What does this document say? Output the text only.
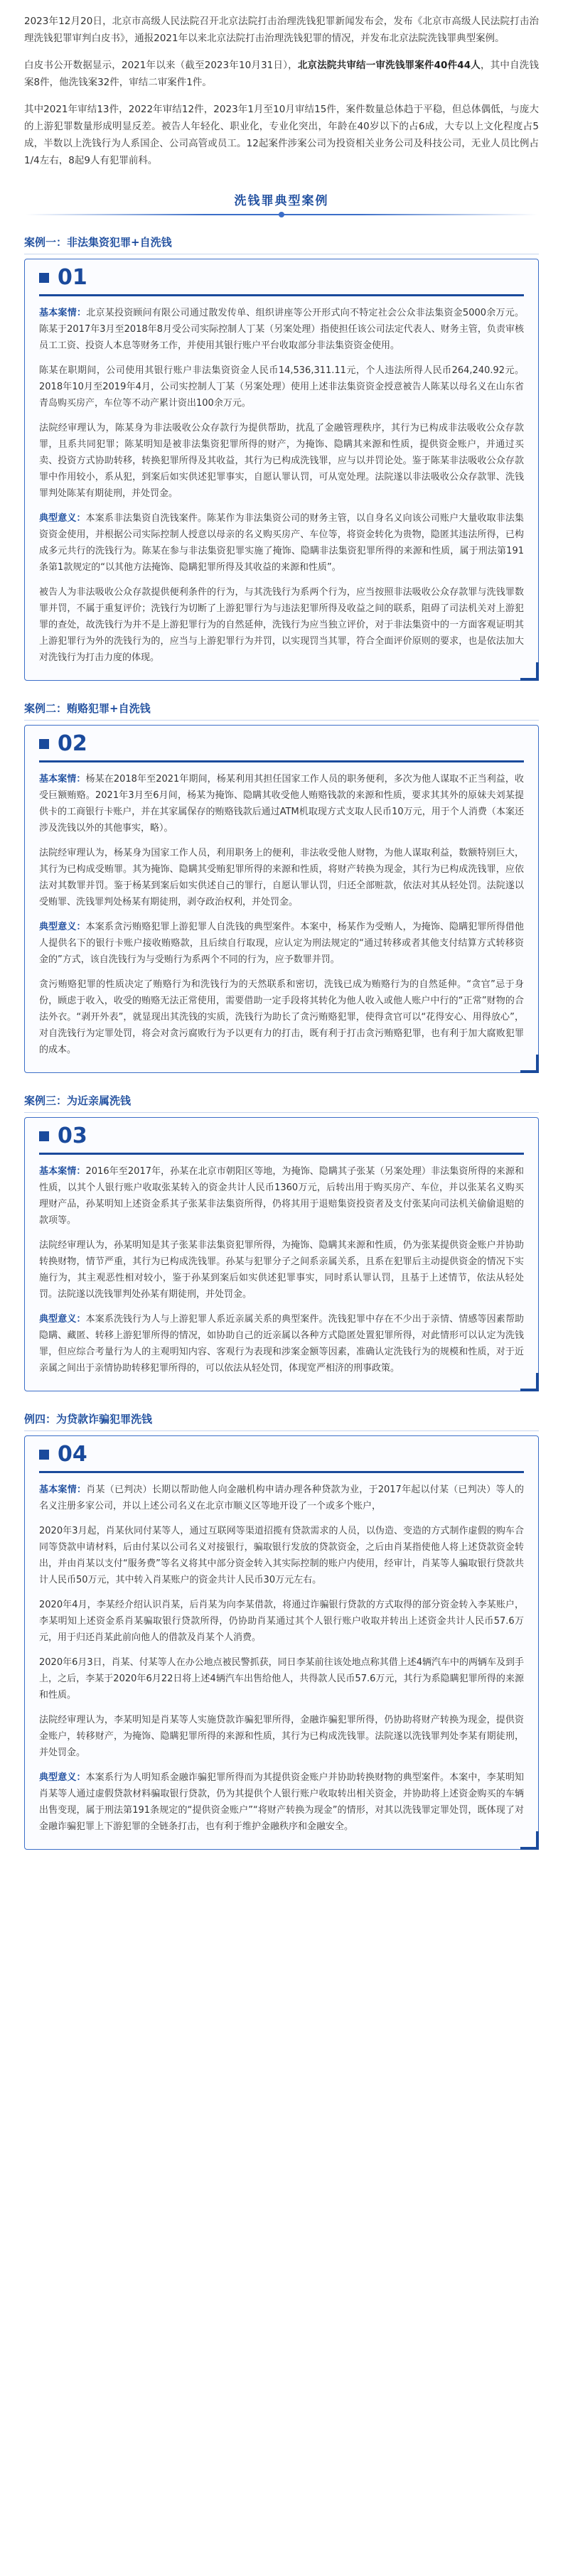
2023年12月20日，北京市高级人民法院召开北京法院打击治理洗钱犯罪新闻发布会，发布《北京市高级人民法院打击治理洗钱犯罪审判白皮书》，通报2021年以来北京法院打击治理洗钱犯罪的情况，并发布北京法院洗钱罪典型案例。

白皮书公开数据显示，2021年以来（截至2023年10月31日），北京法院共审结一审洗钱罪案件40件44人，其中自洗钱案8件，他洗钱案32件，审结二审案件1件。

其中2021年审结13件，2022年审结12件，2023年1月至10月审结15件，案件数量总体趋于平稳，但总体偶低，与庞大的上游犯罪数量形成明显反差。被告人年轻化、职业化，专业化突出，年龄在40岁以下的占6成，大专以上文化程度占5成，半数以上洗钱行为人系国企、公司高管或员工。12起案件涉案公司为投资相关业务公司及科技公司，无业人员比例占1/4左右，8起9人有犯罪前科。

洗钱罪典型案例
案例一：非法集资犯罪+自洗钱
01

基本案情：北京某投资顾问有限公司通过散发传单、组织讲座等公开形式向不特定社会公众非法集资金5000余万元。陈某于2017年3月至2018年8月受公司实际控制人丁某（另案处理）指使担任该公司法定代表人、财务主管，负责审核员工工资、投资人本息等财务工作，并使用其银行账户平台收取部分非法集资资金使用。

陈某在职期间，公司使用其银行账户非法集资资金人民币14,536,311.11元，个人违法所得人民币264,240.92元。2018年10月至2019年4月，公司实控制人丁某（另案处理）使用上述非法集资资金授意被告人陈某以母名义在山东省青岛购买房产，车位等不动产累计资出100余万元。

法院经审理认为，陈某身为非法吸收公众存款行为提供帮助，扰乱了金融管理秩序，其行为已构成非法吸收公众存款罪，且系共同犯罪；陈某明知是被非法集资犯罪所得的财产，为掩饰、隐瞒其来源和性质，提供资金账户，并通过买卖、投资方式协助转移，转换犯罪所得及其收益，其行为已构成洗钱罪，应与以并罚论处。鉴于陈某非法吸收公众存款罪中作用较小，系从犯，到案后如实供述犯罪事实，自愿认罪认罚，可从宽处理。法院遂以非法吸收公众存款罪、洗钱罪判处陈某有期徒刑，并处罚金。

典型意义：本案系非法集资自洗钱案件。陈某作为非法集资公司的财务主管，以自身名义向该公司账户大量收取非法集资资金使用，并根据公司实际控制人授意以母亲的名义购买房产、车位等，将资金转化为贵物，隐匿其违法所得，已构成多元共行的洗钱行为。陈某在参与非法集资犯罪实施了掩饰、隐瞒非法集资犯罪所得的来源和性质，属于刑法第191条第1款规定的“以其他方法掩饰、隐瞒犯罪所得及其收益的来源和性质”。

被告人为非法吸收公众存款提供便利条件的行为，与其洗钱行为系两个行为，应当按照非法吸收公众存款罪与洗钱罪数罪并罚，不属于重复评价；洗钱行为切断了上游犯罪行为与违法犯罪所得及收益之间的联系，阻碍了司法机关对上游犯罪的查处，故洗钱行为并不是上游犯罪行为的自然延伸，洗钱行为应当独立评价，对于非法集资中的一方面客观证明其上游犯罪行为外的洗钱行为的，应当与上游犯罪行为并罚，以实现罚当其罪，符合全面评价原则的要求，也是依法加大对洗钱行为打击力度的体现。

案例二：贿赂犯罪+自洗钱
02

基本案情：杨某在2018年至2021年期间，杨某利用其担任国家工作人员的职务便利，多次为他人谋取不正当利益，收受巨额贿赂。2021年3月至6月间，杨某为掩饰、隐瞒其收受他人贿赂钱款的来源和性质，要求其其外的原妹夫刘某提供卡的工商银行卡账户，并在其家属保存的贿赂钱款后通过ATM机取现方式支取人民币10万元，用于个人消费（本案还涉及洗钱以外的其他事实，略）。

法院经审理认为，杨某身为国家工作人员，利用职务上的便利，非法收受他人财物，为他人谋取利益，数额特别巨大，其行为已构成受贿罪。其为掩饰、隐瞒其受贿犯罪所得的来源和性质，将财产转换为现金，其行为已构成洗钱罪，应依法对其数罪并罚。鉴于杨某到案后如实供述自己的罪行，自愿认罪认罚，归还全部赃款，依法对其从轻处罚。法院遂以受贿罪、洗钱罪判处杨某有期徒刑，剥夺政治权利，并处罚金。

典型意义：本案系贪污贿赂犯罪上游犯罪人自洗钱的典型案件。本案中，杨某作为受贿人，为掩饰、隐瞒犯罪所得借他人提供名下的银行卡账户接收贿赂款，且后续自行取现，应认定为刑法规定的“通过转移或者其他支付结算方式转移资金的”方式，该自洗钱行为与受贿行为系两个不同的行为，应予数罪并罚。

贪污贿赂犯罪的性质决定了贿赂行为和洗钱行为的天然联系和密切，洗钱已成为贿赂行为的自然延伸。“贪官”忌于身份，顾虑于收入，收受的贿赂无法正常使用，需要借助一定手段将其转化为他人收入或他人账户中行的“正常”财物的合法外衣。“剥开外表”，就显现出其洗钱的实质，洗钱行为助长了贪污贿赂犯罪，使得贪官可以“花得安心、用得放心”，对自洗钱行为定罪处罚，将会对贪污腐败行为予以更有力的打击，既有利于打击贪污贿赂犯罪，也有利于加大腐败犯罪的成本。

案例三：为近亲属洗钱
03

基本案情：2016年至2017年，孙某在北京市朝阳区等地，为掩饰、隐瞒其子张某（另案处理）非法集资所得的来源和性质，以其个人银行账户收取张某转入的资金共计人民币1360万元，后转出用于购买房产、车位，并以张某名义购买理财产品，孙某明知上述资金系其子张某非法集资所得，仍将其用于退赔集资投资者及支付张某向司法机关偷偷退赔的款项等。

法院经审理认为，孙某明知是其子张某非法集资犯罪所得，为掩饰、隐瞒其来源和性质，仍为张某提供资金账户并协助转换财物，情节严重，其行为已构成洗钱罪。孙某与犯罪分子之间系亲属关系，且系在犯罪后主动提供资金的情况下实施行为，其主观恶性相对较小，鉴于孙某到案后如实供述犯罪事实，同时系认罪认罚，且基于上述情节，依法从轻处罚。法院遂以洗钱罪判处孙某有期徒刑，并处罚金。

典型意义：本案系洗钱行为人与上游犯罪人系近亲属关系的典型案件。洗钱犯罪中存在不少出于亲情、情感等因素帮助隐瞒、藏匿、转移上游犯罪所得的情况，如协助自己的近亲属以各种方式隐匿处置犯罪所得，对此情形可以认定为洗钱罪，但应综合考量行为人的主观明知内容、客观行为表现和涉案金额等因素，准确认定洗钱行为的规模和性质，对于近亲属之间出于亲情协助转移犯罪所得的，可以依法从轻处罚，体现宽严相济的刑事政策。

例四：为贷款诈骗犯罪洗钱
04

基本案情：肖某（已判决）长期以帮助他人向金融机构申请办理各种贷款为业，于2017年起以付某（已判决）等人的名义注册多家公司，并以上述公司名义在北京市顺义区等地开设了一个或多个账户，

2020年3月起，肖某伙同付某等人，通过互联网等渠道招揽有贷款需求的人员，以伪造、变造的方式制作虚假的购车合同等贷款申请材料，后由付某以公司名义对接银行，骗取银行发放的贷款资金，之后由肖某指使他人将上述贷款资金转出，并由肖某以支付“服务费”等名义将其中部分资金转入其实际控制的账户内使用，经审计，肖某等人骗取银行贷款共计人民币50万元，其中转入肖某账户的资金共计人民币30万元左右。

2020年4月，李某经介绍认识肖某，后肖某为向李某借款，将通过诈骗银行贷款的方式取得的部分资金转入李某账户，李某明知上述资金系肖某骗取银行贷款所得，仍协助肖某通过其个人银行账户收取并转出上述资金共计人民币57.6万元，用于归还肖某此前向他人的借款及肖某个人消费。

2020年6月3日，肖某、付某等人在办公地点被民警抓获，同日李某前往该处地点称其借上述4辆汽车中的两辆车及到手上，之后，李某于2020年6月22日将上述4辆汽车出售给他人，共得款人民币57.6万元，其行为系隐瞒犯罪所得的来源和性质。

法院经审理认为，李某明知是肖某等人实施贷款诈骗犯罪所得，金融诈骗犯罪所得，仍协助将财产转换为现金，提供资金账户，转移财产，为掩饰、隐瞒犯罪所得的来源和性质，其行为已构成洗钱罪。法院遂以洗钱罪判处李某有期徒刑，并处罚金。

典型意义：本案系行为人明知系金融诈骗犯罪所得而为其提供资金账户并协助转换财物的典型案件。本案中，李某明知肖某等人通过虚假贷款材料骗取银行贷款，仍为其提供个人银行账户收取转出相关资金，并协助将上述资金购买的车辆出售变现，属于刑法第191条规定的“提供资金账户”“将财产转换为现金”的情形，对其以洗钱罪定罪处罚，既体现了对金融诈骗犯罪上下游犯罪的全链条打击，也有利于维护金融秩序和金融安全。
